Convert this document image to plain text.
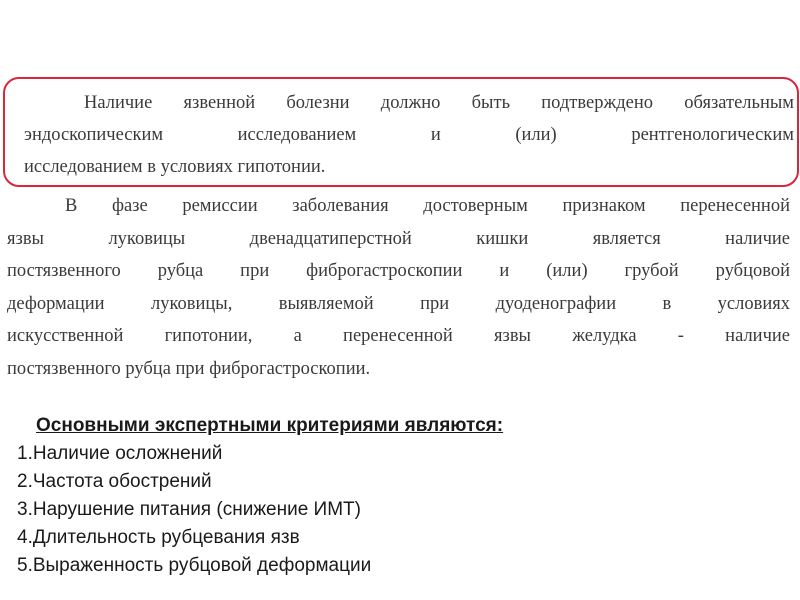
Наличие язвенной болезни должно быть подтверждено обязательным
эндоскопическим исследованием и (или) рентгенологическим
исследованием в условиях гипотонии.
В фазе ремиссии заболевания достоверным признаком перенесенной
язвы луковицы двенадцатиперстной кишки является наличие
постязвенного рубца при фиброгастроскопии и (или) грубой рубцовой
деформации луковицы, выявляемой при дуоденографии в условиях
искусственной гипотонии, а перенесенной язвы желудка - наличие
постязвенного рубца при фиброгастроскопии.
Основными экспертными критериями являются:
1.Наличие осложнений
2.Частота обострений
3.Нарушение питания (снижение ИМТ)
4.Длительность рубцевания язв
5.Выраженность рубцовой деформации
